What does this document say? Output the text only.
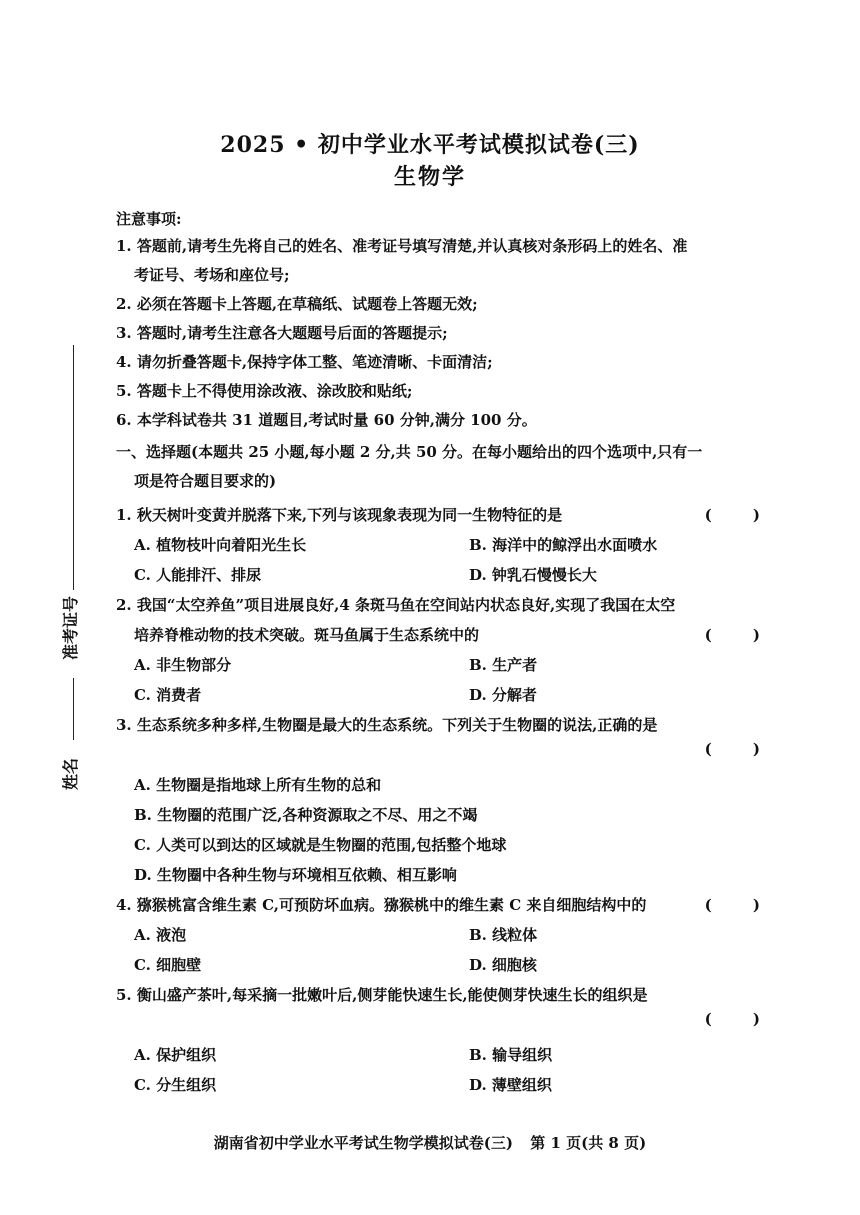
2025 • 初中学业水平考试模拟试卷(三)
生物学
注意事项:
1. 答题前,请考生先将自己的姓名、准考证号填写清楚,并认真核对条形码上的姓名、准
考证号、考场和座位号;
2. 必须在答题卡上答题,在草稿纸、试题卷上答题无效;
3. 答题时,请考生注意各大题题号后面的答题提示;
4. 请勿折叠答题卡,保持字体工整、笔迹清晰、卡面清洁;
5. 答题卡上不得使用涂改液、涂改胶和贴纸;
6. 本学科试卷共 31 道题目,考试时量 60 分钟,满分 100 分。
一、选择题(本题共 25 小题,每小题 2 分,共 50 分。在每小题给出的四个选项中,只有一
项是符合题目要求的)
1. 秋天树叶变黄并脱落下来,下列与该现象表现为同一生物特征的是	( )
A. 植物枝叶向着阳光生长	B. 海洋中的鲸浮出水面喷水
C. 人能排汗、排尿	D. 钟乳石慢慢长大
2. 我国“太空养鱼”项目进展良好,4 条斑马鱼在空间站内状态良好,实现了我国在太空
培养脊椎动物的技术突破。斑马鱼属于生态系统中的	( )
A. 非生物部分	B. 生产者
C. 消费者	D. 分解者
3. 生态系统多种多样,生物圈是最大的生态系统。下列关于生物圈的说法,正确的是
( )
A. 生物圈是指地球上所有生物的总和
B. 生物圈的范围广泛,各种资源取之不尽、用之不竭
C. 人类可以到达的区域就是生物圈的范围,包括整个地球
D. 生物圈中各种生物与环境相互依赖、相互影响
4. 猕猴桃富含维生素 C,可预防坏血病。猕猴桃中的维生素 C 来自细胞结构中的	( )
A. 液泡	B. 线粒体
C. 细胞壁	D. 细胞核
5. 衡山盛产茶叶,每采摘一批嫩叶后,侧芽能快速生长,能使侧芽快速生长的组织是
( )
A. 保护组织	B. 输导组织
C. 分生组织	D. 薄壁组织
准考证号
姓名
湖南省初中学业水平考试生物学模拟试卷(三) 第 1 页(共 8 页)
